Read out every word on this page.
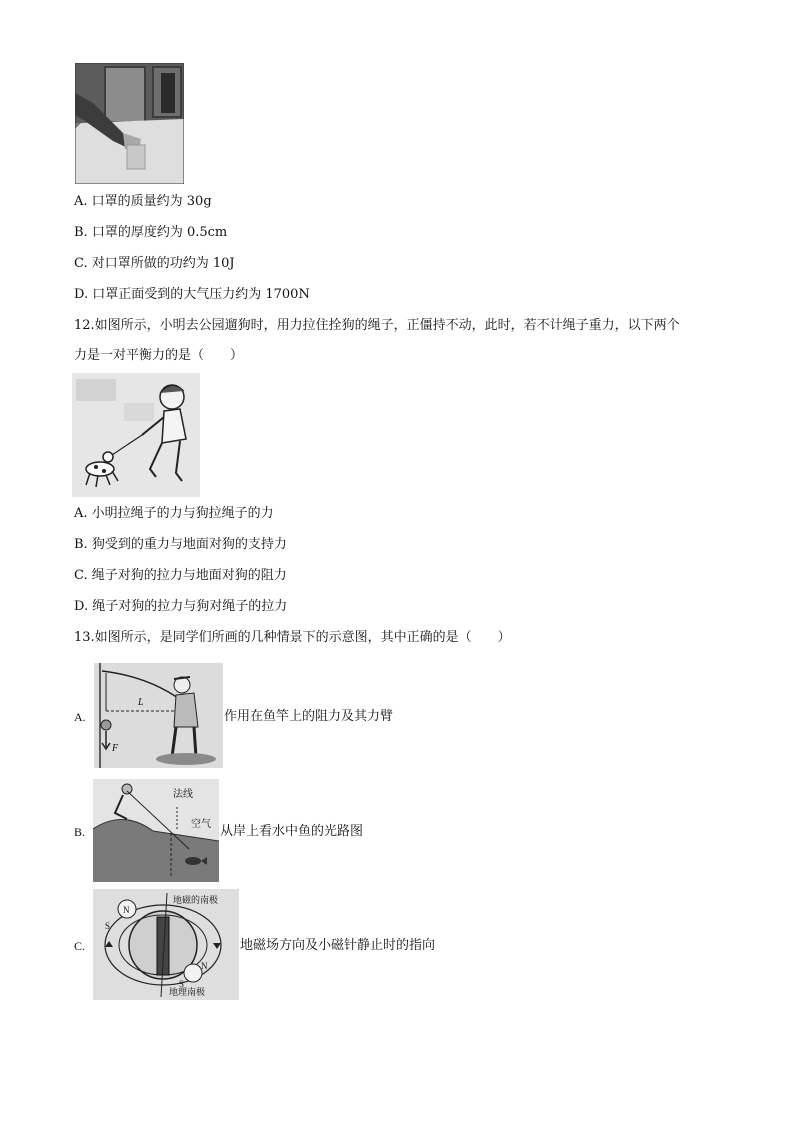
A. 口罩的质量约为 30g
B. 口罩的厚度约为 0.5cm
C. 对口罩所做的功约为 10J
D. 口罩正面受到的大气压力约为 1700N
12.如图所示，小明去公园遛狗时，用力拉住拴狗的绳子，正僵持不动，此时，若不计绳子重力，以下两个
力是一对平衡力的是（　　）
A. 小明拉绳子的力与狗拉绳子的力
B. 狗受到的重力与地面对狗的支持力
C. 绳子对狗的拉力与地面对狗的阻力
D. 绳子对狗的拉力与狗对绳子的拉力
13.如图所示，是同学们所画的几种情景下的示意图，其中正确的是（　　）
A.
L
F
作用在鱼竿上的阻力及其力臂
B.
法线
空气 从岸上看水中鱼的光路图
C.
地磁的南极
地理南极
N
S
N
S
地磁场方向及小磁针静止时的指向
